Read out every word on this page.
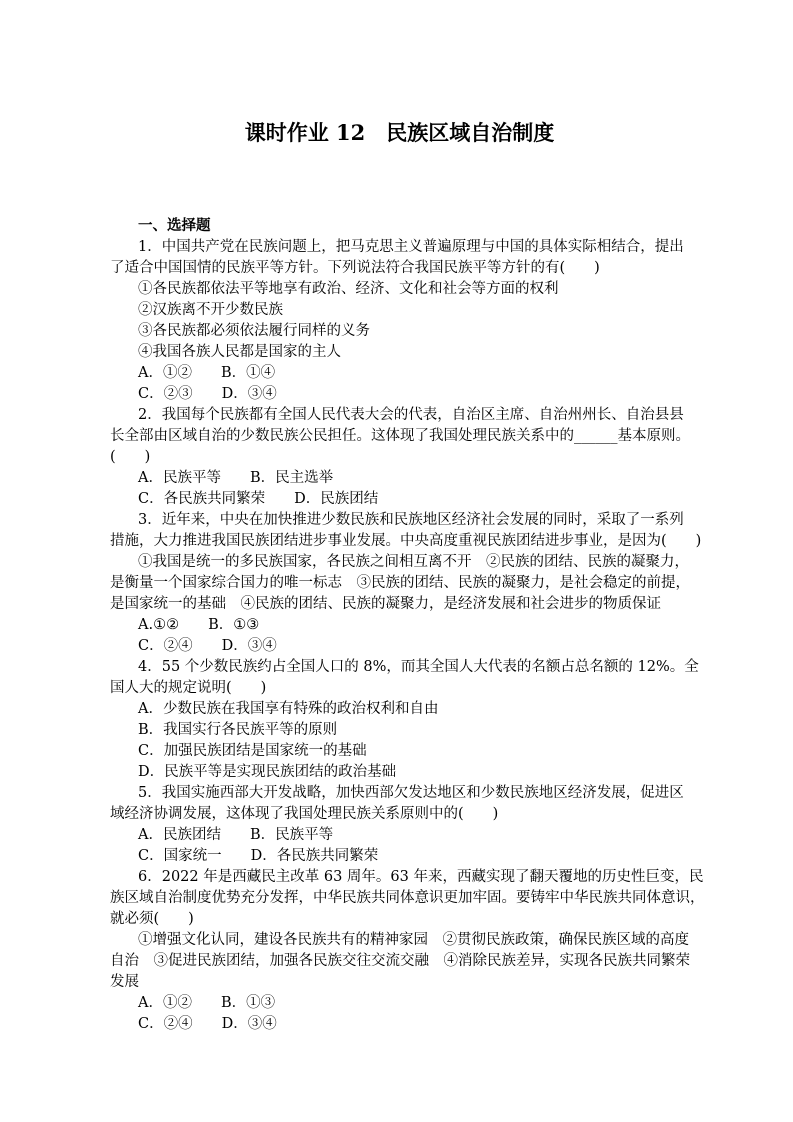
课时作业 12　民族区域自治制度
一、选择题
1．中国共产党在民族问题上，把马克思主义普遍原理与中国的具体实际相结合，提出
了适合中国国情的民族平等方针。下列说法符合我国民族平等方针的有(　　)
①各民族都依法平等地享有政治、经济、文化和社会等方面的权利
②汉族离不开少数民族
③各民族都必须依法履行同样的义务
④我国各族人民都是国家的主人
A．①②　　B．①④
C．②③　　D．③④
2．我国每个民族都有全国人民代表大会的代表，自治区主席、自治州州长、自治县县
长全部由区域自治的少数民族公民担任。这体现了我国处理民族关系中的______基本原则。
(　　)
A．民族平等　　B．民主选举
C．各民族共同繁荣　　D．民族团结
3．近年来，中央在加快推进少数民族和民族地区经济社会发展的同时，采取了一系列
措施，大力推进我国民族团结进步事业发展。中央高度重视民族团结进步事业，是因为(　　)
①我国是统一的多民族国家，各民族之间相互离不开　②民族的团结、民族的凝聚力，
是衡量一个国家综合国力的唯一标志　③民族的团结、民族的凝聚力，是社会稳定的前提，
是国家统一的基础　④民族的团结、民族的凝聚力，是经济发展和社会进步的物质保证
A.①②　　B．①③
C．②④　　D．③④
4．55 个少数民族约占全国人口的 8%，而其全国人大代表的名额占总名额的 12%。全
国人大的规定说明(　　)
A．少数民族在我国享有特殊的政治权利和自由
B．我国实行各民族平等的原则
C．加强民族团结是国家统一的基础
D．民族平等是实现民族团结的政治基础
5．我国实施西部大开发战略，加快西部欠发达地区和少数民族地区经济发展，促进区
域经济协调发展，这体现了我国处理民族关系原则中的(　　)
A．民族团结　　B．民族平等
C．国家统一　　D．各民族共同繁荣
6．2022 年是西藏民主改革 63 周年。63 年来，西藏实现了翻天覆地的历史性巨变，民
族区域自治制度优势充分发挥，中华民族共同体意识更加牢固。要铸牢中华民族共同体意识，
就必须(　　)
①增强文化认同，建设各民族共有的精神家园　②贯彻民族政策，确保民族区域的高度
自治　③促进民族团结，加强各民族交往交流交融　④消除民族差异，实现各民族共同繁荣
发展
A．①②　　B．①③
C．②④　　D．③④
